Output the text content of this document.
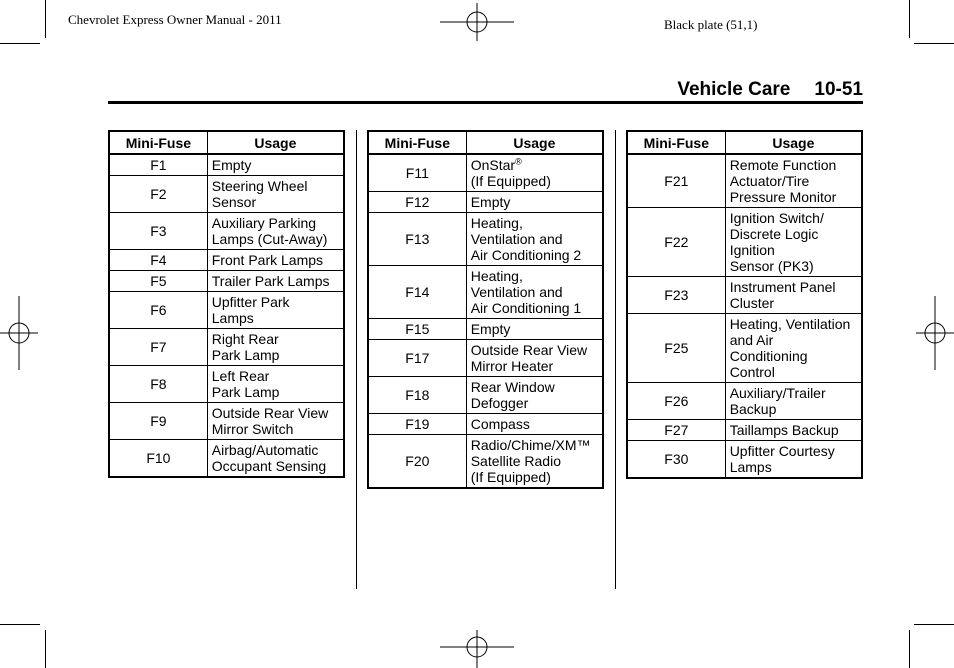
Chevrolet Express Owner Manual - 2011	Black plate (51,1)
Vehicle Care 10-51
Mini-Fuse	Usage
F1	Empty

F2	Steering Wheel
Sensor

F3	Auxiliary Parking
Lamps (Cut-Away)

F4	Front Park Lamps

F5	Trailer Park Lamps

F6	Upfitter Park
Lamps

F7	Right Rear
Park Lamp

F8	Left Rear
Park Lamp

F9	Outside Rear View
Mirror Switch

F10	Airbag/Automatic
Occupant Sensing
Mini-Fuse	Usage
F11	OnStar®
(If Equipped)

F12	Empty

F13	Heating,
Ventilation and
Air Conditioning 2

F14	Heating,
Ventilation and
Air Conditioning 1

F15	Empty

F17	Outside Rear View
Mirror Heater

F18	Rear Window
Defogger

F19	Compass

F20	Radio/Chime/XM™
Satellite Radio
(If Equipped)
Mini-Fuse	Usage
F21	Remote Function
Actuator/Tire
Pressure Monitor

F22	Ignition Switch/
Discrete Logic
Ignition
Sensor (PK3)

F23	Instrument Panel
Cluster

F25	Heating, Ventilation
and Air
Conditioning
Control

F26	Auxiliary/Trailer
Backup

F27	Taillamps Backup

F30	Upfitter Courtesy
Lamps
